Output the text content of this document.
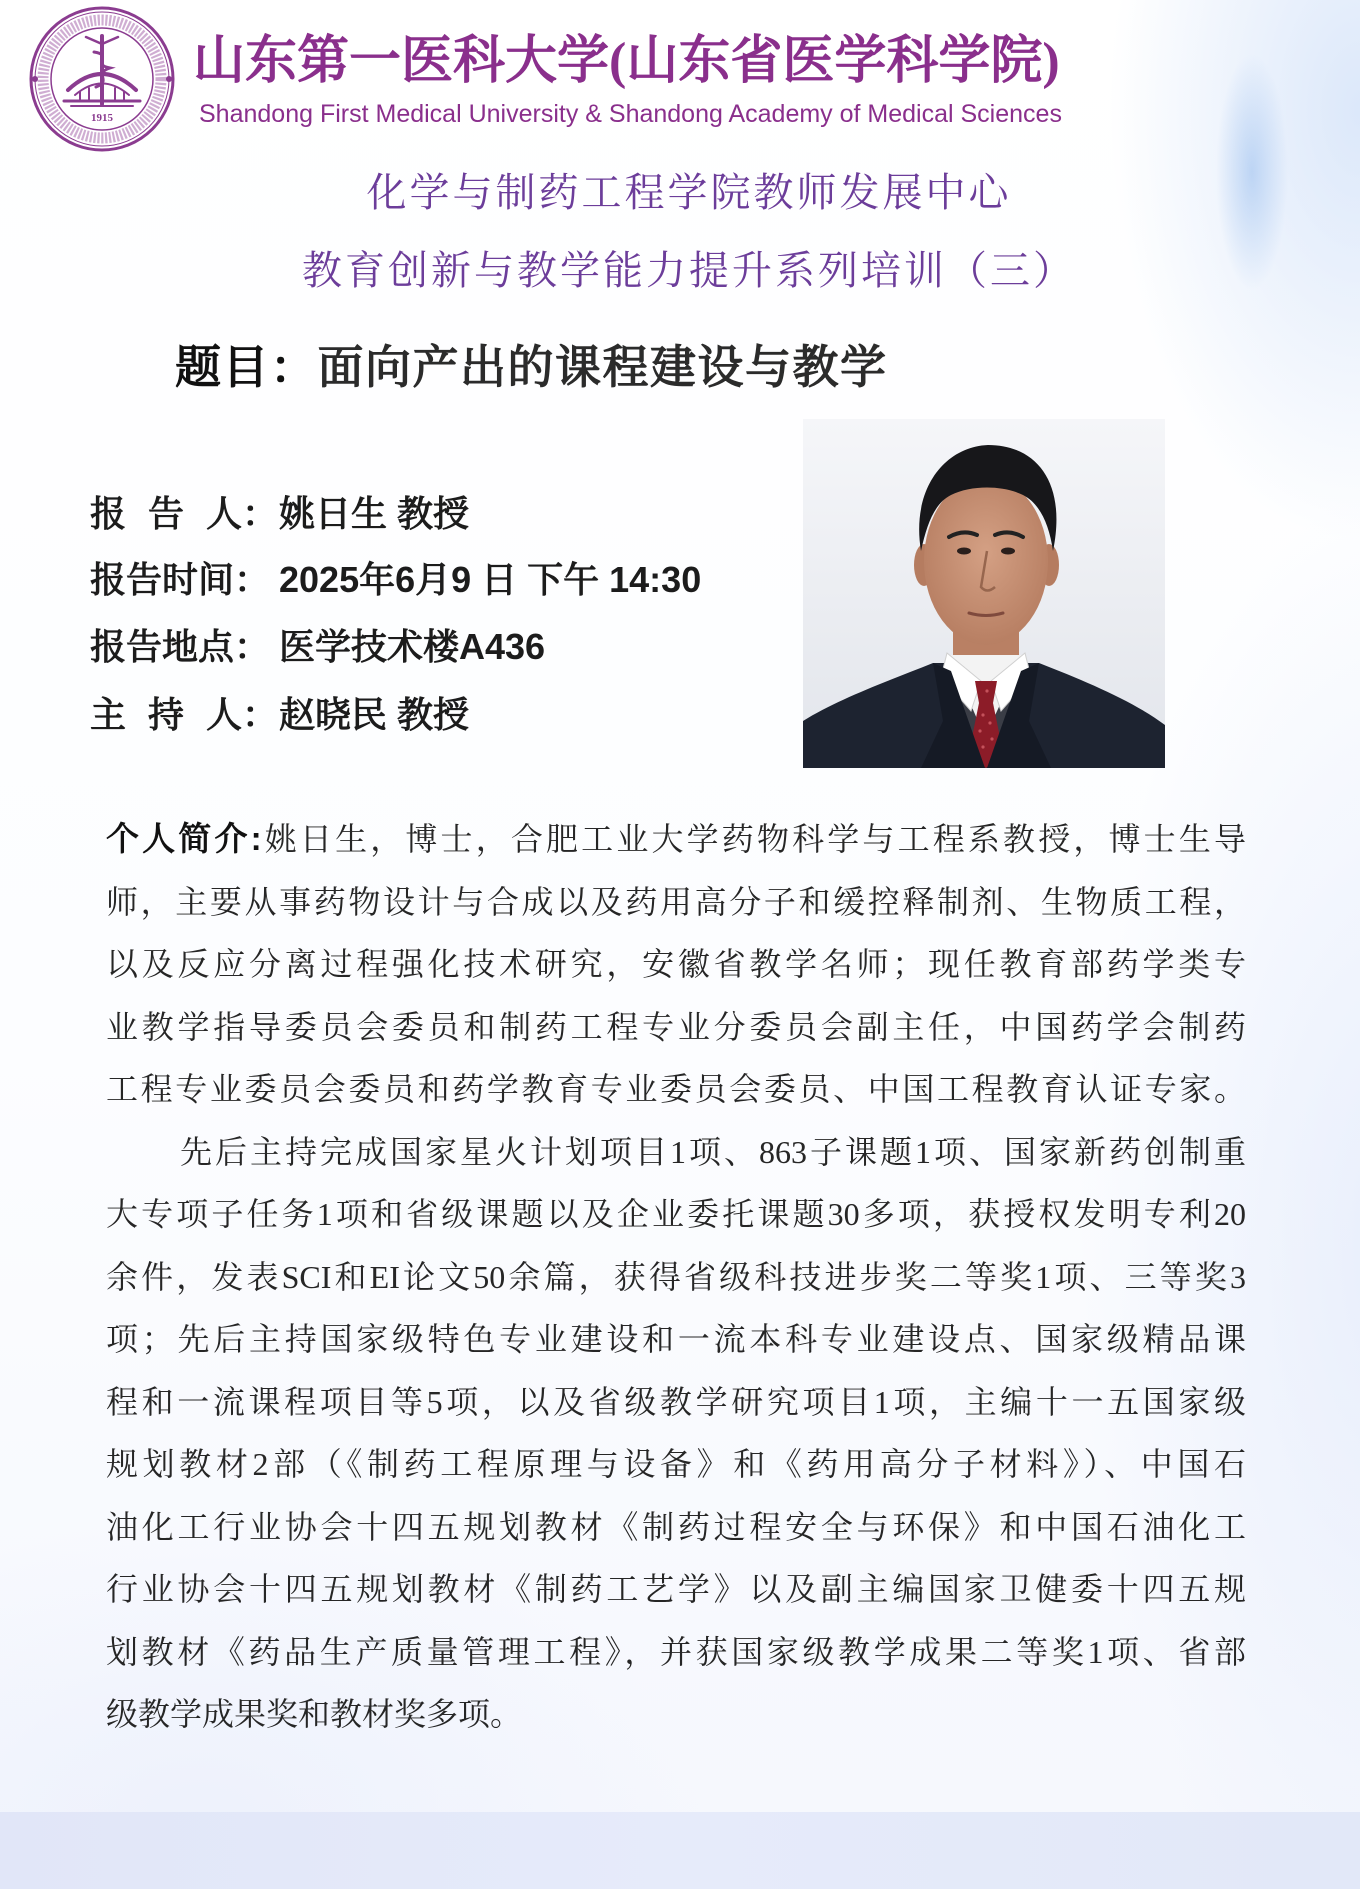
1915
山东第一医科大学(山东省医学科学院)
Shandong First Medical University & Shandong Academy of Medical Sciences
化学与制药工程学院教师发展中心
教育创新与教学能力提升系列培训（三）
题目：面向产出的课程建设与教学
报 告 人：姚日生 教授
报告时间： 2025年6月9 日 下午 14:30
报告地点： 医学技术楼A436
主 持 人：赵晓民 教授
个人简介:姚日生，博士，合肥工业大学药物科学与工程系教授，博士生导
师，主要从事药物设计与合成以及药用高分子和缓控释制剂、生物质工程，
以及反应分离过程强化技术研究，安徽省教学名师；现任教育部药学类专
业教学指导委员会委员和制药工程专业分委员会副主任，中国药学会制药
工程专业委员会委员和药学教育专业委员会委员、中国工程教育认证专家。
先后主持完成国家星火计划项目1项、863子课题1项、国家新药创制重
大专项子任务1项和省级课题以及企业委托课题30多项，获授权发明专利20
余件，发表SCI和EI论文50余篇，获得省级科技进步奖二等奖1项、三等奖3
项；先后主持国家级特色专业建设和一流本科专业建设点、国家级精品课
程和一流课程项目等5项，以及省级教学研究项目1项，主编十一五国家级
规划教材2部（《制药工程原理与设备》和《药用高分子材料》）、中国石
油化工行业协会十四五规划教材《制药过程安全与环保》和中国石油化工
行业协会十四五规划教材《制药工艺学》以及副主编国家卫健委十四五规
划教材《药品生产质量管理工程》，并获国家级教学成果二等奖1项、省部
级教学成果奖和教材奖多项。
